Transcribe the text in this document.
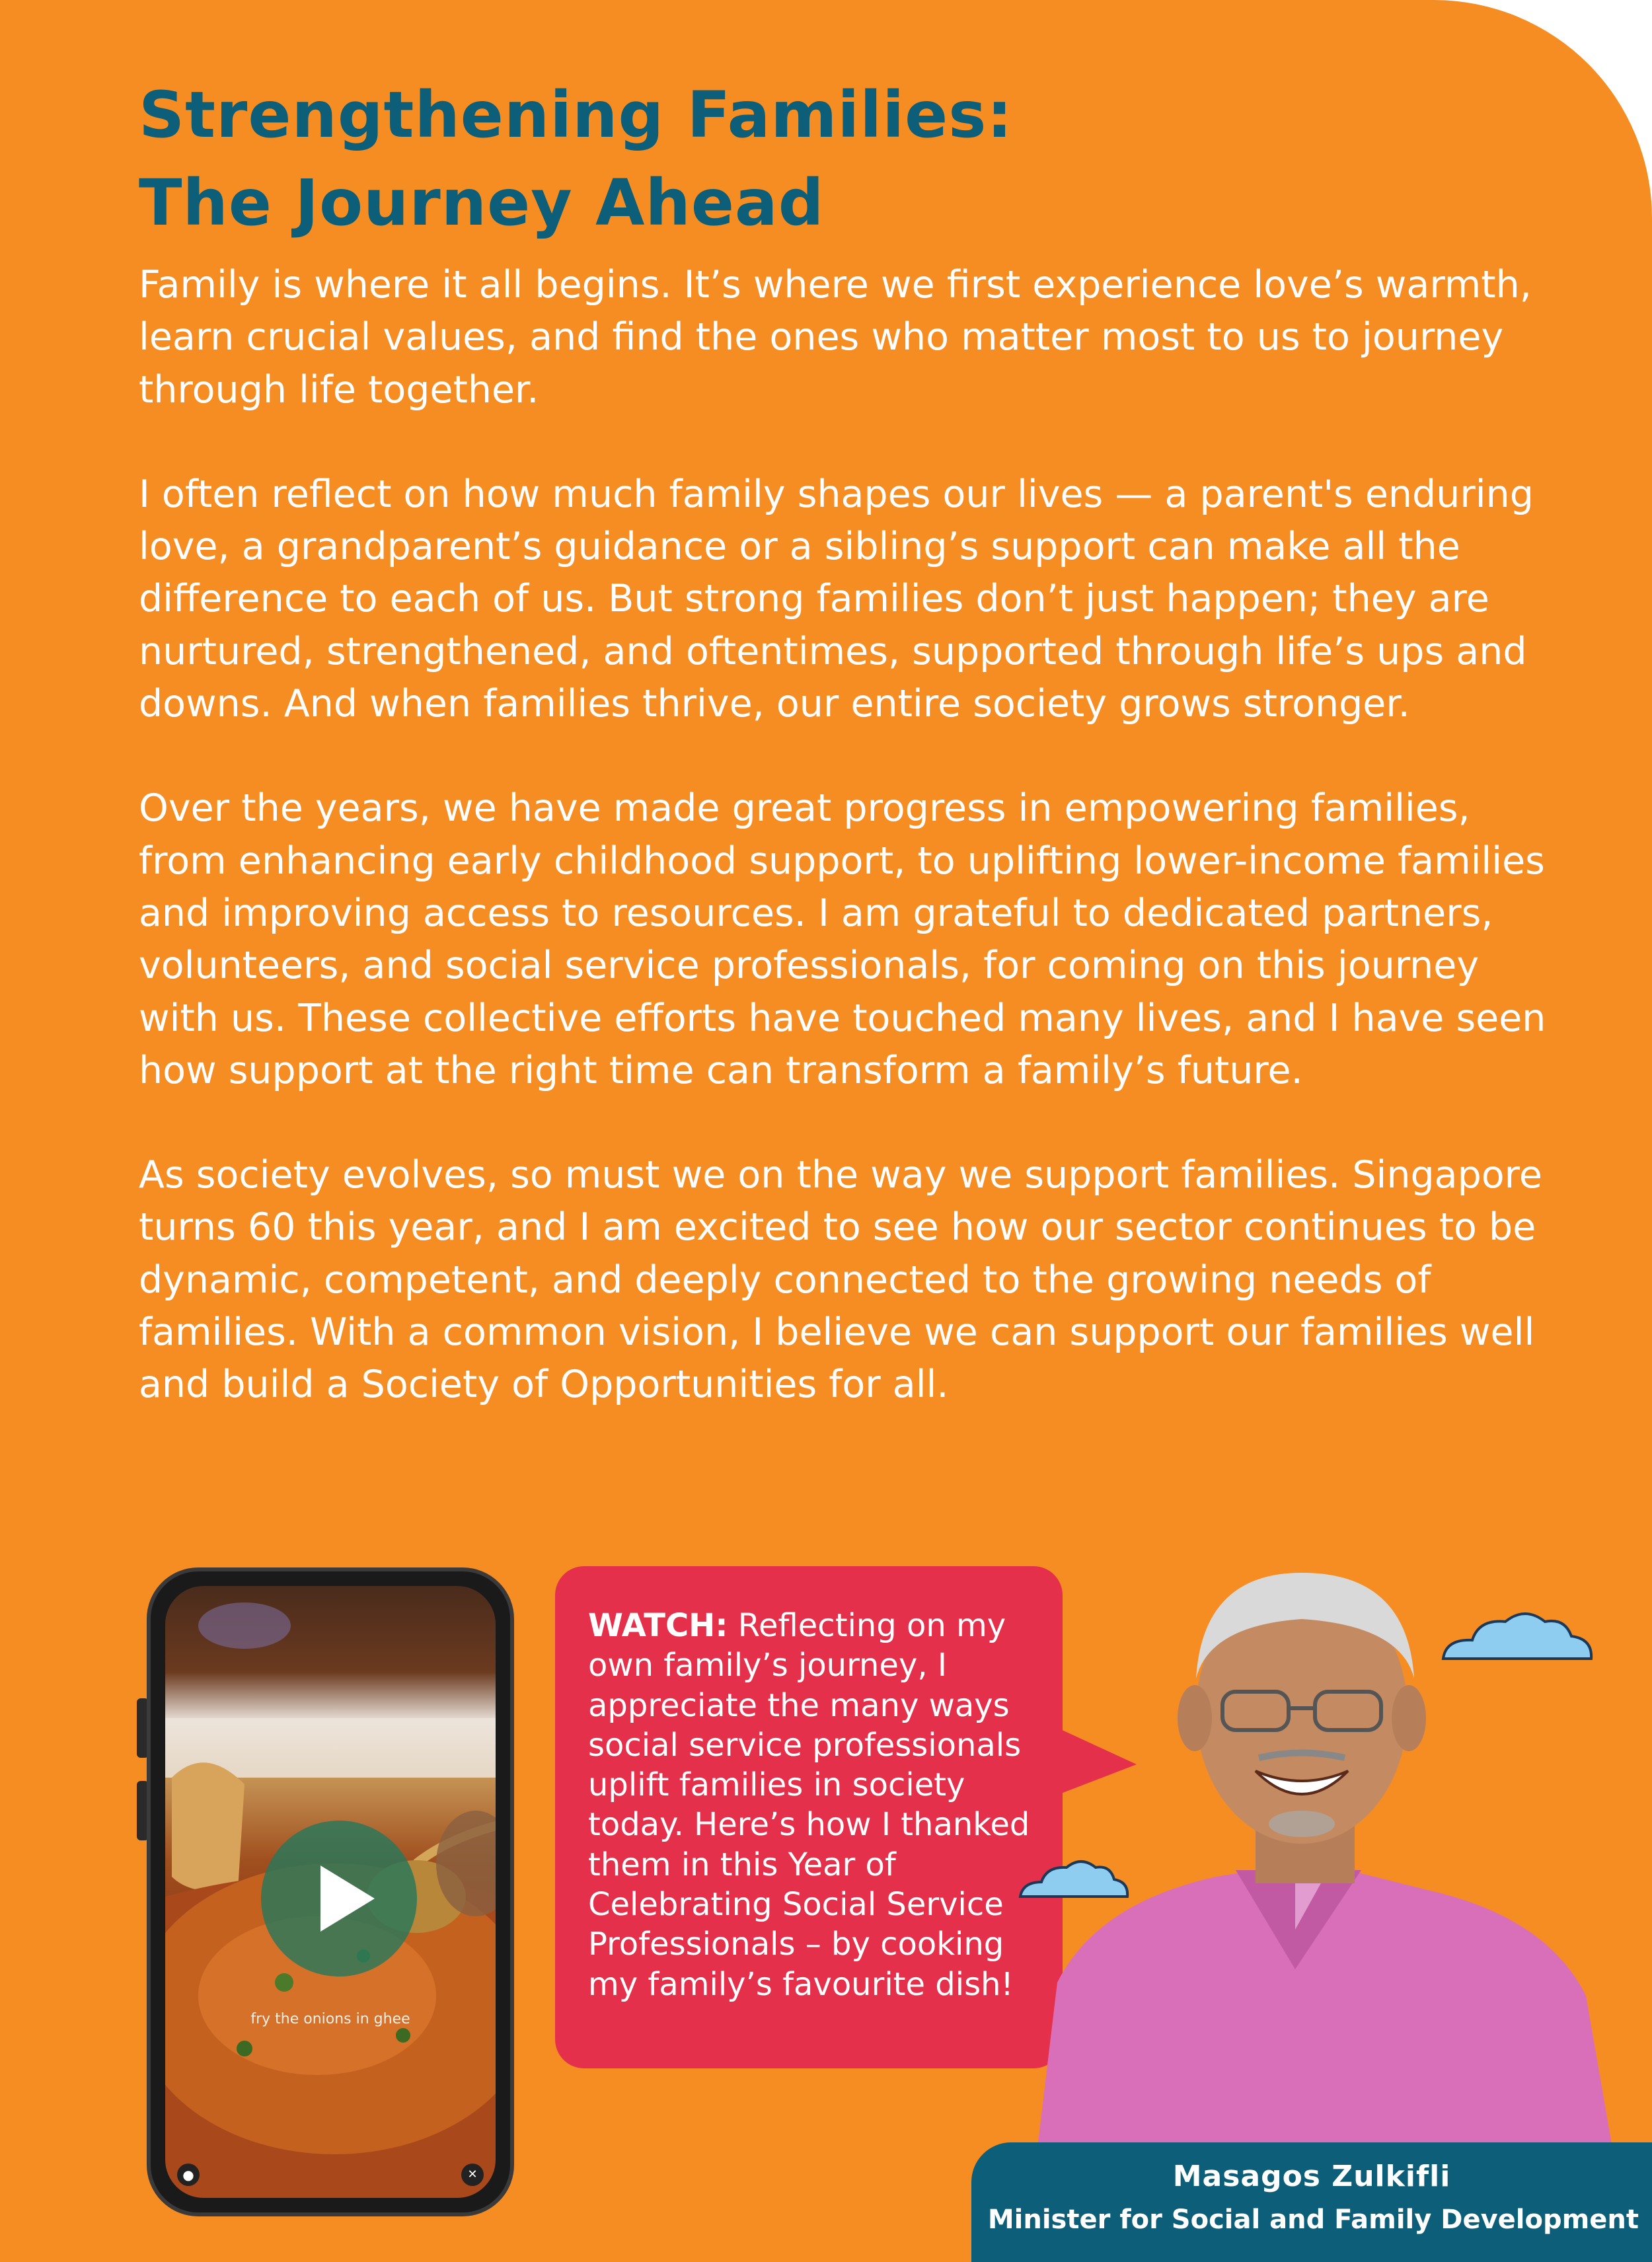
Strengthening Families:
The Journey Ahead

Family is where it all begins. It’s where we first experience love’s warmth, learn crucial values, and find the ones who matter most to us to journey through life together.

I often reflect on how much family shapes our lives — a parent's enduring love, a grandparent’s guidance or a sibling’s support can make all the difference to each of us. But strong families don’t just happen; they are nurtured, strengthened, and oftentimes, supported through life’s ups and downs. And when families thrive, our entire society grows stronger.

Over the years, we have made great progress in empowering families, from enhancing early childhood support, to uplifting lower-income families and improving access to resources. I am grateful to dedicated partners, volunteers, and social service professionals, for coming on this journey with us. These collective efforts have touched many lives, and I have seen how support at the right time can transform a family’s future.

As society evolves, so must we on the way we support families. Singapore turns 60 this year, and I am excited to see how our sector continues to be dynamic, competent, and deeply connected to the growing needs of families. With a common vision, I believe we can support our families well and build a Society of Opportunities for all.

fry the onions in ghee
●	✕
WATCH: Reflecting on my own family’s journey, I appreciate the many ways social service professionals uplift families in society today. Here’s how I thanked them in this Year of Celebrating Social Service Professionals – by cooking my family’s favourite dish!
Masagos Zulkifli
Minister for Social and Family Development
